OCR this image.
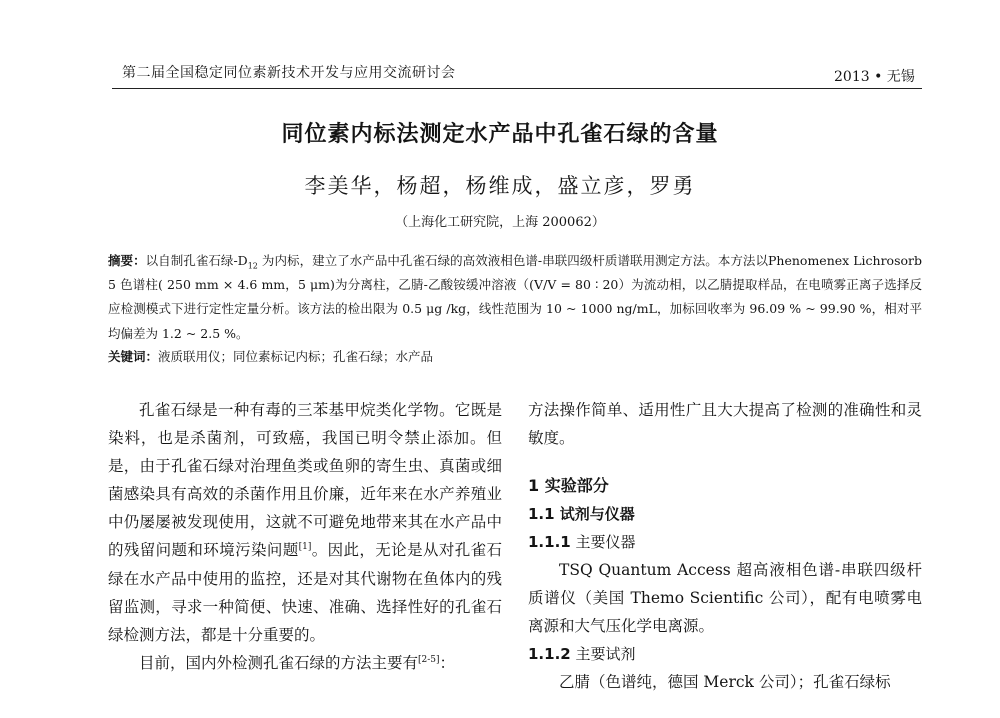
第二届全国稳定同位素新技术开发与应用交流研讨会	2013 • 无锡
同位素内标法测定水产品中孔雀石绿的含量
李美华，杨超，杨维成，盛立彦，罗勇
（上海化工研究院，上海 200062）
摘要：以自制孔雀石绿$-D_{12}$ 为内标，建立了水产品中孔雀石绿的高效液相色谱-串联四级杆质谱联用测定方法。本方法以Phenomenex Lichrosorb 5 色谱柱( 250 mm × 4.6 mm，5 μm)为分离柱，乙腈-乙酸铵缓冲溶液（(V/V = 80 ∶ 20）为流动相，以乙腈提取样品，在电喷雾正离子选择反应检测模式下进行定性定量分析。该方法的检出限为 0.5 μg /kg，线性范围为 10 ~ 1000 ng/mL，加标回收率为 96.09 % ~ 99.90 %，相对平均偏差为 1.2 ~ 2.5 %。
关键词：液质联用仪；同位素标记内标；孔雀石绿；水产品

孔雀石绿是一种有毒的三苯基甲烷类化学物。它既是染料，也是杀菌剂，可致癌，我国已明令禁止添加。但是，由于孔雀石绿对治理鱼类或鱼卵的寄生虫、真菌或细菌感染具有高效的杀菌作用且价廉，近年来在水产养殖业中仍屡屡被发现使用，这就不可避免地带来其在水产品中的残留问题和环境污染问题[1]。因此，无论是从对孔雀石绿在水产品中使用的监控，还是对其代谢物在鱼体内的残留监测，寻求一种简便、快速、准确、选择性好的孔雀石绿检测方法，都是十分重要的。

目前，国内外检测孔雀石绿的方法主要有[2-5]：

方法操作简单、适用性广且大大提高了检测的准确性和灵敏度。

1 实验部分

1.1 试剂与仪器

1.1.1 主要仪器

TSQ Quantum Access 超高液相色谱-串联四级杆质谱仪（美国 Themo Scientific 公司），配有电喷雾电离源和大气压化学电离源。

1.1.2 主要试剂

乙腈（色谱纯，德国 Merck 公司）；孔雀石绿标
